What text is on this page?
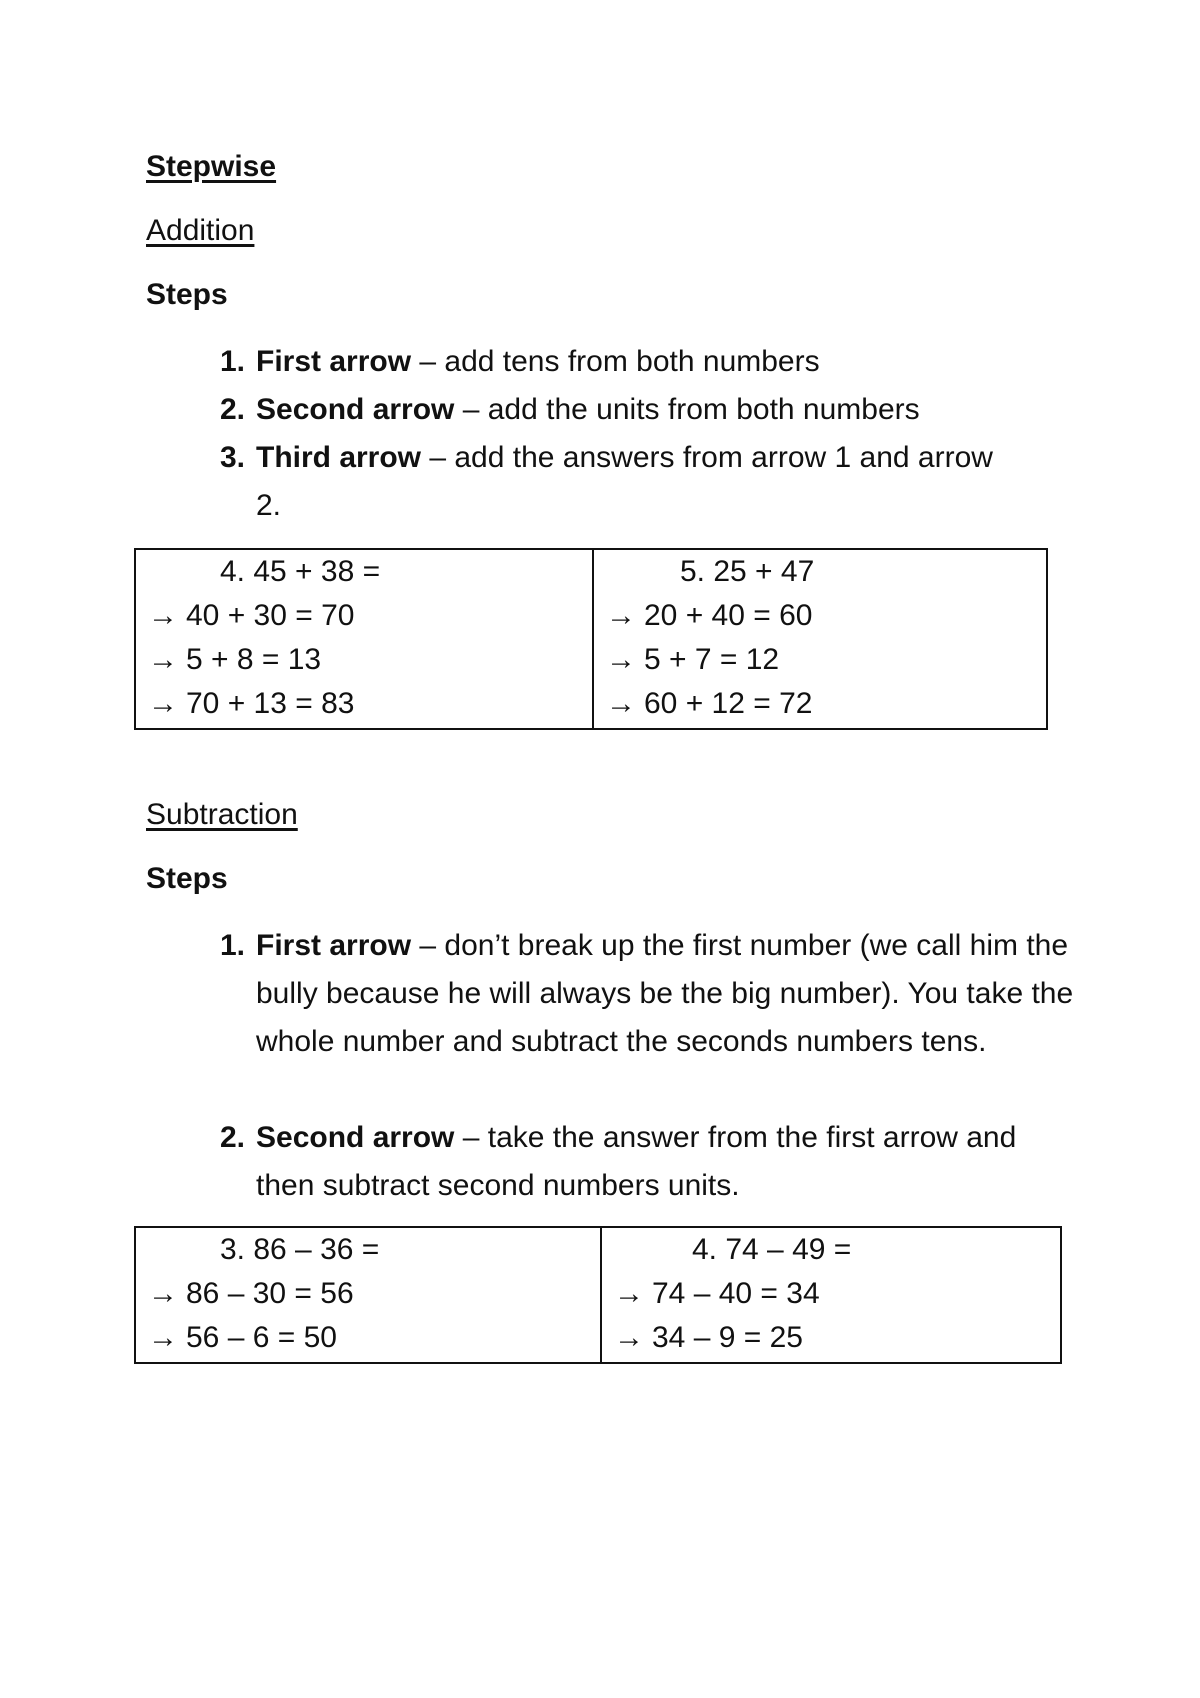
Stepwise
Addition
Steps
1. First arrow – add tens from both numbers
2. Second arrow – add the units from both numbers
3. Third arrow – add the answers from arrow 1 and arrow 2.
4. 45 + 38 =
→ 40 + 30 = 70
→ 5 + 8 = 13
→ 70 + 13 = 83

5. 25 + 47
→ 20 + 40 = 60
→ 5 + 7 = 12
→ 60 + 12 = 72
Subtraction
Steps
1. First arrow – don’t break up the first number (we call him the bully because he will always be the big number). You take the whole number and subtract the seconds numbers tens.
2. Second arrow – take the answer from the first arrow and then subtract second numbers units.
3. 86 – 36 =
→ 86 – 30 = 56
→ 56 – 6 = 50

4. 74 – 49 =
→ 74 – 40 = 34
→ 34 – 9 = 25
